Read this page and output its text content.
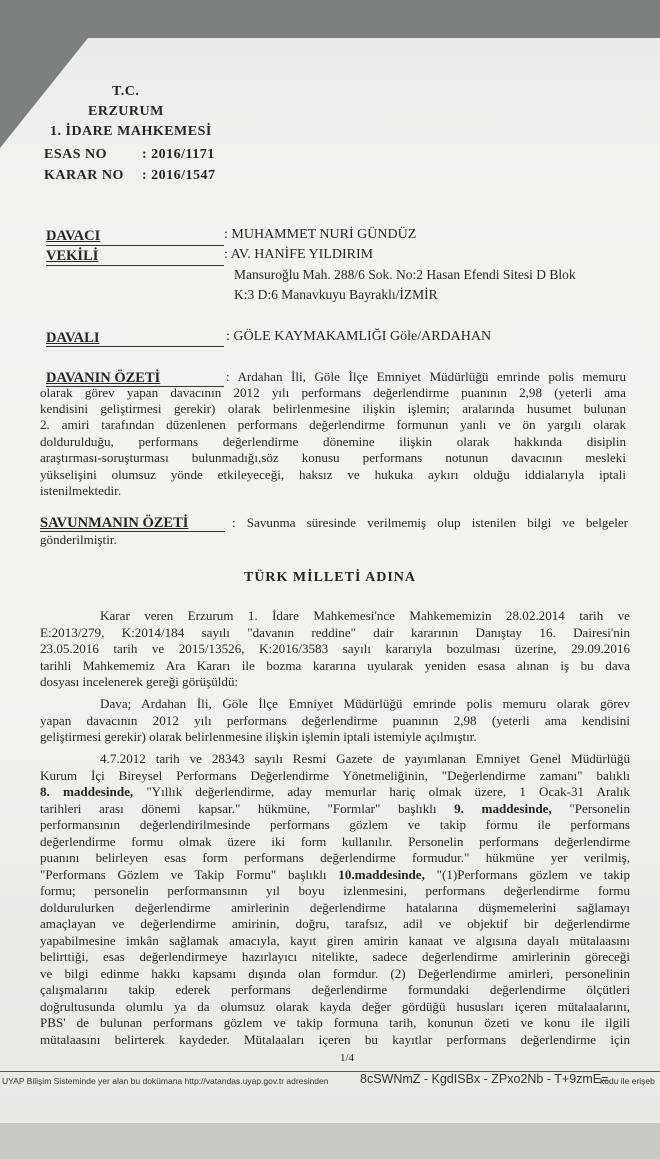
T.C.
ERZURUM
1. İDARE MAHKEMESİ
ESAS NO : 2016/1171
KARAR NO : 2016/1547
DAVACI	: MUHAMMET NURİ GÜNDÜZ
VEKİLİ	: AV. HANİFE YILDIRIM
Mansuroğlu Mah. 288/6 Sok. No:2 Hasan Efendi Sitesi D Blok
K:3 D:6 Manavkuyu Bayraklı/İZMİR
DAVALI	: GÖLE KAYMAKAMLIĞI Göle/ARDAHAN
DAVANIN ÖZETİ	: Ardahan İli, Göle İlçe Emniyet Müdürlüğü emrinde polis memuru
olarak görev yapan davacının 2012 yılı performans değerlendirme puanının 2,98 (yeterli ama
kendisini geliştirmesi gerekir) olarak belirlenmesine ilişkin işlemin; aralarında husumet bulunan
2. amiri tarafından düzenlenen performans değerlendirme formunun yanlı ve ön yargılı olarak
doldurulduğu, performans değerlendirme dönemine ilişkin olarak hakkında disiplin
araştırması-soruşturması bulunmadığı,söz konusu performans notunun davacının mesleki
yükselişini olumsuz yönde etkileyeceği, haksız ve hukuka aykırı olduğu iddialarıyla iptali
istenilmektedir.
SAVUNMANIN ÖZETİ	: Savunma süresinde verilmemiş olup istenilen bilgi ve belgeler
gönderilmiştir.
TÜRK MİLLETİ ADINA
Karar veren Erzurum 1. İdare Mahkemesi'nce Mahkememizin 28.02.2014 tarih ve
E:2013/279, K:2014/184 sayılı "davanın reddine" dair kararının Danıştay 16. Dairesi'nin
23.05.2016 tarih ve 2015/13526, K:2016/3583 sayılı kararıyla bozulması üzerine, 29.09.2016
tarihli Mahkememiz Ara Kararı ile bozma kararına uyularak yeniden esasa alınan iş bu dava
dosyası incelenerek gereği görüşüldü:
Dava; Ardahan İli, Göle İlçe Emniyet Müdürlüğü emrinde polis memuru olarak görev
yapan davacının 2012 yılı performans değerlendirme puanının 2,98 (yeterli ama kendisini
geliştirmesi gerekir) olarak belirlenmesine ilişkin işlemin iptali istemiyle açılmıştır.
4.7.2012 tarih ve 28343 sayılı Resmi Gazete de yayımlanan Emniyet Genel Müdürlüğü
Kurum İçi Bireysel Performans Değerlendirme Yönetmeliğinin, "Değerlendirme zamanı" balıklı
8. maddesinde, "Yıllık değerlendirme, aday memurlar hariç olmak üzere, 1 Ocak-31 Aralık
tarihleri arası dönemi kapsar." hükmüne, "Formlar" başlıklı 9. maddesinde, "Personelin
performansının değerlendirilmesinde performans gözlem ve takip formu ile performans
değerlendirme formu olmak üzere iki form kullanılır. Personelin performans değerlendirme
puanını belirleyen esas form performans değerlendirme formudur." hükmüne yer verilmiş,
"Performans Gözlem ve Takip Formu" başlıklı 10.maddesinde, "(1)Performans gözlem ve takip
formu; personelin performansının yıl boyu izlenmesini, performans değerlendirme formu
doldurulurken değerlendirme amirlerinin değerlendirme hatalarına düşmemelerini sağlamayı
amaçlayan ve değerlendirme amirinin, doğru, tarafsız, adil ve objektif bir değerlendirme
yapabilmesine imkân sağlamak amacıyla, kayıt giren amirin kanaat ve algısına dayalı mütalaasını
belirttiği, esas değerlendirmeye hazırlayıcı nitelikte, sadece değerlendirme amirlerinin göreceği
ve bilgi edinme hakkı kapsamı dışında olan formdur. (2) Değerlendirme amirleri, personelinin
çalışmalarını takip ederek performans değerlendirme formundaki değerlendirme ölçütleri
doğrultusunda olumlu ya da olumsuz olarak kayda değer gördüğü hususları içeren mütalaalarını,
PBS' de bulunan performans gözlem ve takip formuna tarih, konunun özeti ve konu ile ilgili
mütalaasını belirterek kaydeder. Mütalaaları içeren bu kayıtlar performans değerlendirme için
1/4
UYAP Bilişim Sisteminde yer alan bu dokümana http://vatandas.uyap.gov.tr adresinden	8cSWNmZ - KgdISBx - ZPxo2Nb - T+9zmE=
kodu ile erişeb
